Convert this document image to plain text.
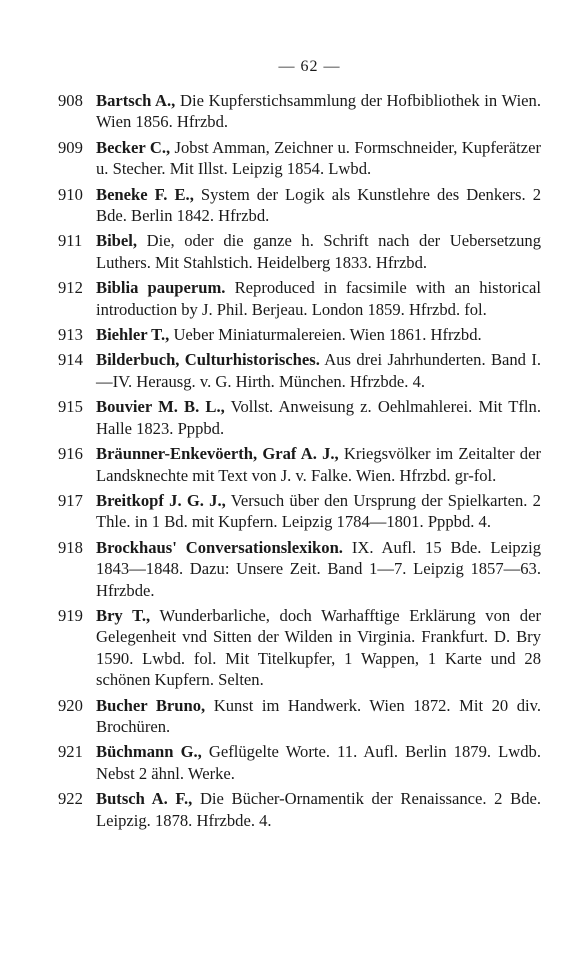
— 62 —
908 Bartsch A., Die Kupferstichsammlung der Hofbibliothek in Wien. Wien 1856. Hfrzbd.
909 Becker C., Jobst Amman, Zeichner u. Formschneider, Kupferätzer u. Stecher. Mit Illst. Leipzig 1854. Lwbd.
910 Beneke F. E., System der Logik als Kunstlehre des Denkers. 2 Bde. Berlin 1842. Hfrzbd.
911 Bibel, Die, oder die ganze h. Schrift nach der Uebersetzung Luthers. Mit Stahlstich. Heidelberg 1833. Hfrzbd.
912 Biblia pauperum. Reproduced in facsimile with an historical introduction by J. Phil. Berjeau. London 1859. Hfrzbd. fol.
913 Biehler T., Ueber Miniaturmalereien. Wien 1861. Hfrzbd.
914 Bilderbuch, Culturhistorisches. Aus drei Jahrhunderten. Band I.—IV. Herausg. v. G. Hirth. München. Hfrzbde. 4.
915 Bouvier M. B. L., Vollst. Anweisung z. Oehlmahlerei. Mit Tfln. Halle 1823. Pppbd.
916 Bräunner-Enkevöerth, Graf A. J., Kriegsvölker im Zeitalter der Landsknechte mit Text von J. v. Falke. Wien. Hfrzbd. gr-fol.
917 Breitkopf J. G. J., Versuch über den Ursprung der Spielkarten. 2 Thle. in 1 Bd. mit Kupfern. Leipzig 1784—1801. Pppbd. 4.
918 Brockhaus' Conversationslexikon. IX. Aufl. 15 Bde. Leipzig 1843—1848. Dazu: Unsere Zeit. Band 1—7. Leipzig 1857—63. Hfrzbde.
919 Bry T., Wunderbarliche, doch Warhafftige Erklärung von der Gelegenheit vnd Sitten der Wilden in Virginia. Frankfurt. D. Bry 1590. Lwbd. fol. Mit Titelkupfer, 1 Wappen, 1 Karte und 28 schönen Kupfern. Selten.
920 Bucher Bruno, Kunst im Handwerk. Wien 1872. Mit 20 div. Brochüren.
921 Büchmann G., Geflügelte Worte. 11. Aufl. Berlin 1879. Lwdb. Nebst 2 ähnl. Werke.
922 Butsch A. F., Die Bücher-Ornamentik der Renaissance. 2 Bde. Leipzig. 1878. Hfrzbde. 4.
